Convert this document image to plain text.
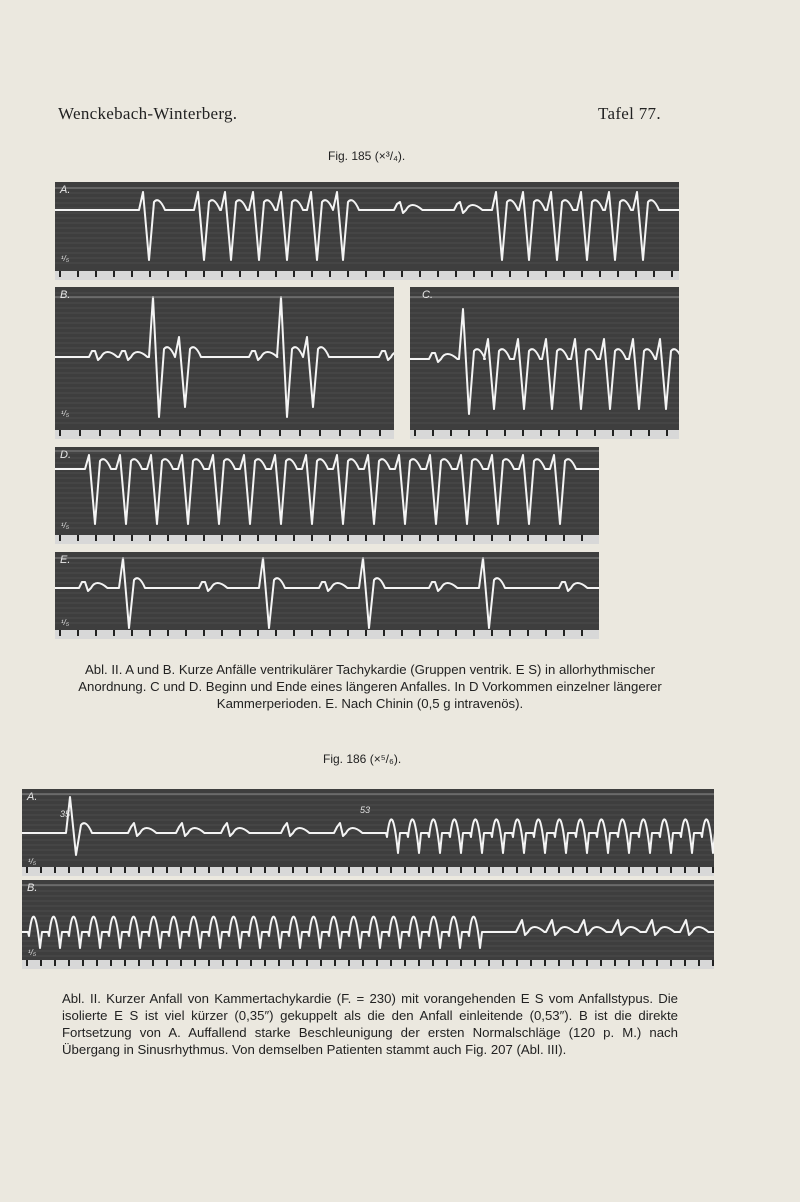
Wenckebach-Winterberg.	Tafel 77.
Fig. 185 (×³/₄).
A.
¹/₅
B.
¹/₅
C.
D.
¹/₅
E.
¹/₅
Abl. II. A und B. Kurze Anfälle ventrikulärer Tachykardie (Gruppen ventrik. E S) in allorhythmischer Anordnung. C und D. Beginn und Ende eines längeren Anfalles. In D Vorkommen einzelner längerer Kammerperioden. E. Nach Chinin (0,5 g intravenös).
Fig. 186 (×⁵/₆).
A.
35	53
¹/₅
B.
¹/₅
Abl. II. Kurzer Anfall von Kammertachykardie (F. = 230) mit vorangehenden E S vom Anfallstypus. Die isolierte E S ist viel kürzer (0,35″) gekuppelt als die den Anfall einleitende (0,53″). B ist die direkte Fortsetzung von A. Auffallend starke Beschleunigung der ersten Normalschläge (120 p. M.) nach Übergang in Sinusrhythmus. Von demselben Patienten stammt auch Fig. 207 (Abl. III).
